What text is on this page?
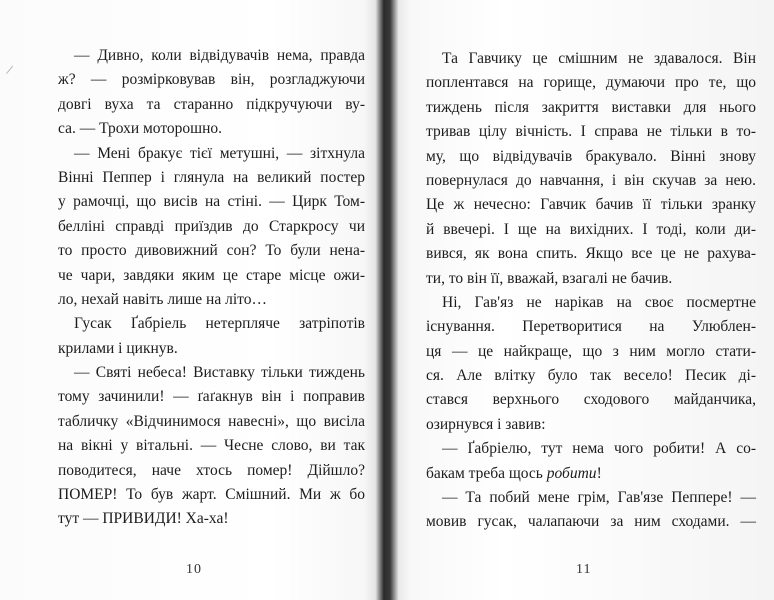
— Дивно, коли відвідувачів нема, правда
ж? — розмірковував він, розгладжуючи
довгі вуха та старанно підкручуючи ву-
са. — Трохи моторошно.
— Мені бракує тієї метушні, — зітхнула
Вінні Пеппер і глянула на великий постер
у рамочці, що висів на стіні. — Цирк Том-
белліні справді приїздив до Старкросу чи
то просто дивовижний сон? То були нена-
че чари, завдяки яким це старе місце ожи-
ло, нехай навіть лише на літо…
Гусак Ґабріель нетерпляче затріпотів
крилами і цикнув.
— Святі небеса! Виставку тільки тиждень
тому зачинили! — ґаґакнув він і поправив
табличку «Відчинимося навесні», що висіла
на вікні у вітальні. — Чесне слово, ви так
поводитеся, наче хтось помер! Дійшло?
ПОМЕР! То був жарт. Смішний. Ми ж бо
тут — ПРИВИДИ! Ха-ха!
10
Та Гавчику це смішним не здавалося. Він
поплентався на горище, думаючи про те, що
тиждень після закриття виставки для нього
тривав цілу вічність. І справа не тільки в то-
му, що відвідувачів бракувало. Вінні знову
повернулася до навчання, і він скучав за нею.
Це ж нечесно: Гавчик бачив її тільки зранку
й ввечері. І ще на вихідних. І тоді, коли ди-
вився, як вона спить. Якщо все це не рахува-
ти, то він її, вважай, взагалі не бачив.
Ні, Гав'яз не нарікав на своє посмертне
існування. Перетворитися на Улюблен-
ця — це найкраще, що з ним могло стати-
ся. Але влітку було так весело! Песик ді-
стався верхнього сходового майданчика,
озирнувся і завив:
— Ґабріелю, тут нема чого робити! А со-
бакам треба щось робити!
— Та побий мене грім, Гав'язе Пеппере! —
мовив гусак, чалапаючи за ним сходами. —
11
